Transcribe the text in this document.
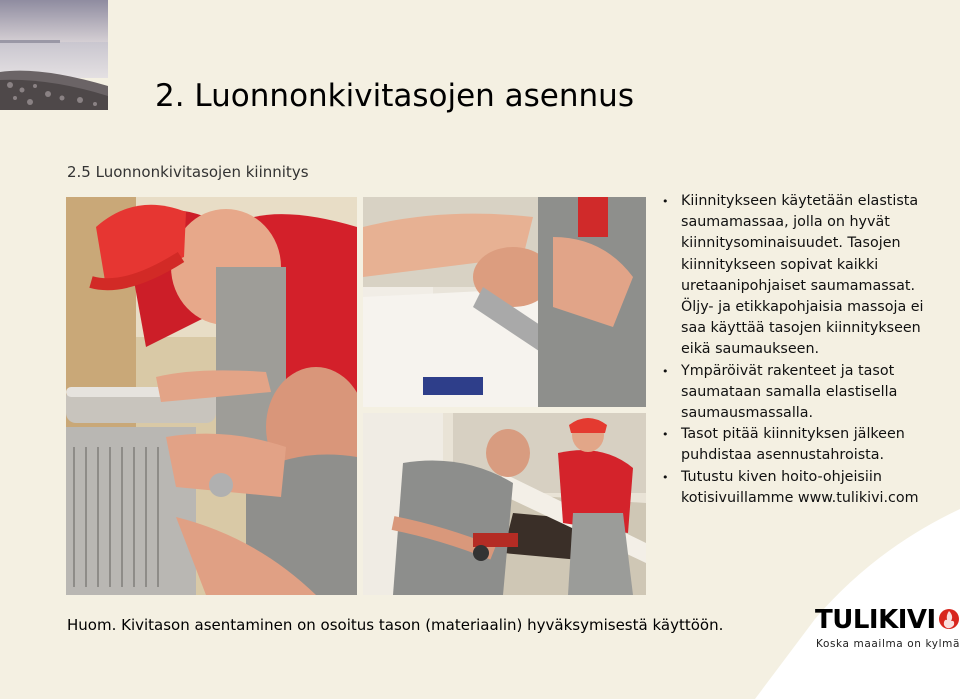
2. Luonnonkivitasojen asennus
2.5 Luonnonkivitasojen kiinnitys
• Kiinnitykseen käytetään elastista saumamassaa, jolla on hyvät kiinnitysominaisuudet. Tasojen kiinnitykseen sopivat kaikki uretaanipohjaiset saumamassat. Öljy- ja etikkapohjaisia massoja ei saa käyttää tasojen kiinnitykseen eikä saumaukseen.
• Ympäröivät rakenteet ja tasot saumataan samalla elastisella saumausmassalla.
• Tasot pitää kiinnityksen jälkeen puhdistaa asennustahroista.
• Tutustu kiven hoito-ohjeisiin kotisivuillamme www.tulikivi.com
Huom. Kivitason asentaminen on osoitus tason (materiaalin) hyväksymisestä käyttöön.	TULIKIVI
Koska maailma on kylmä
